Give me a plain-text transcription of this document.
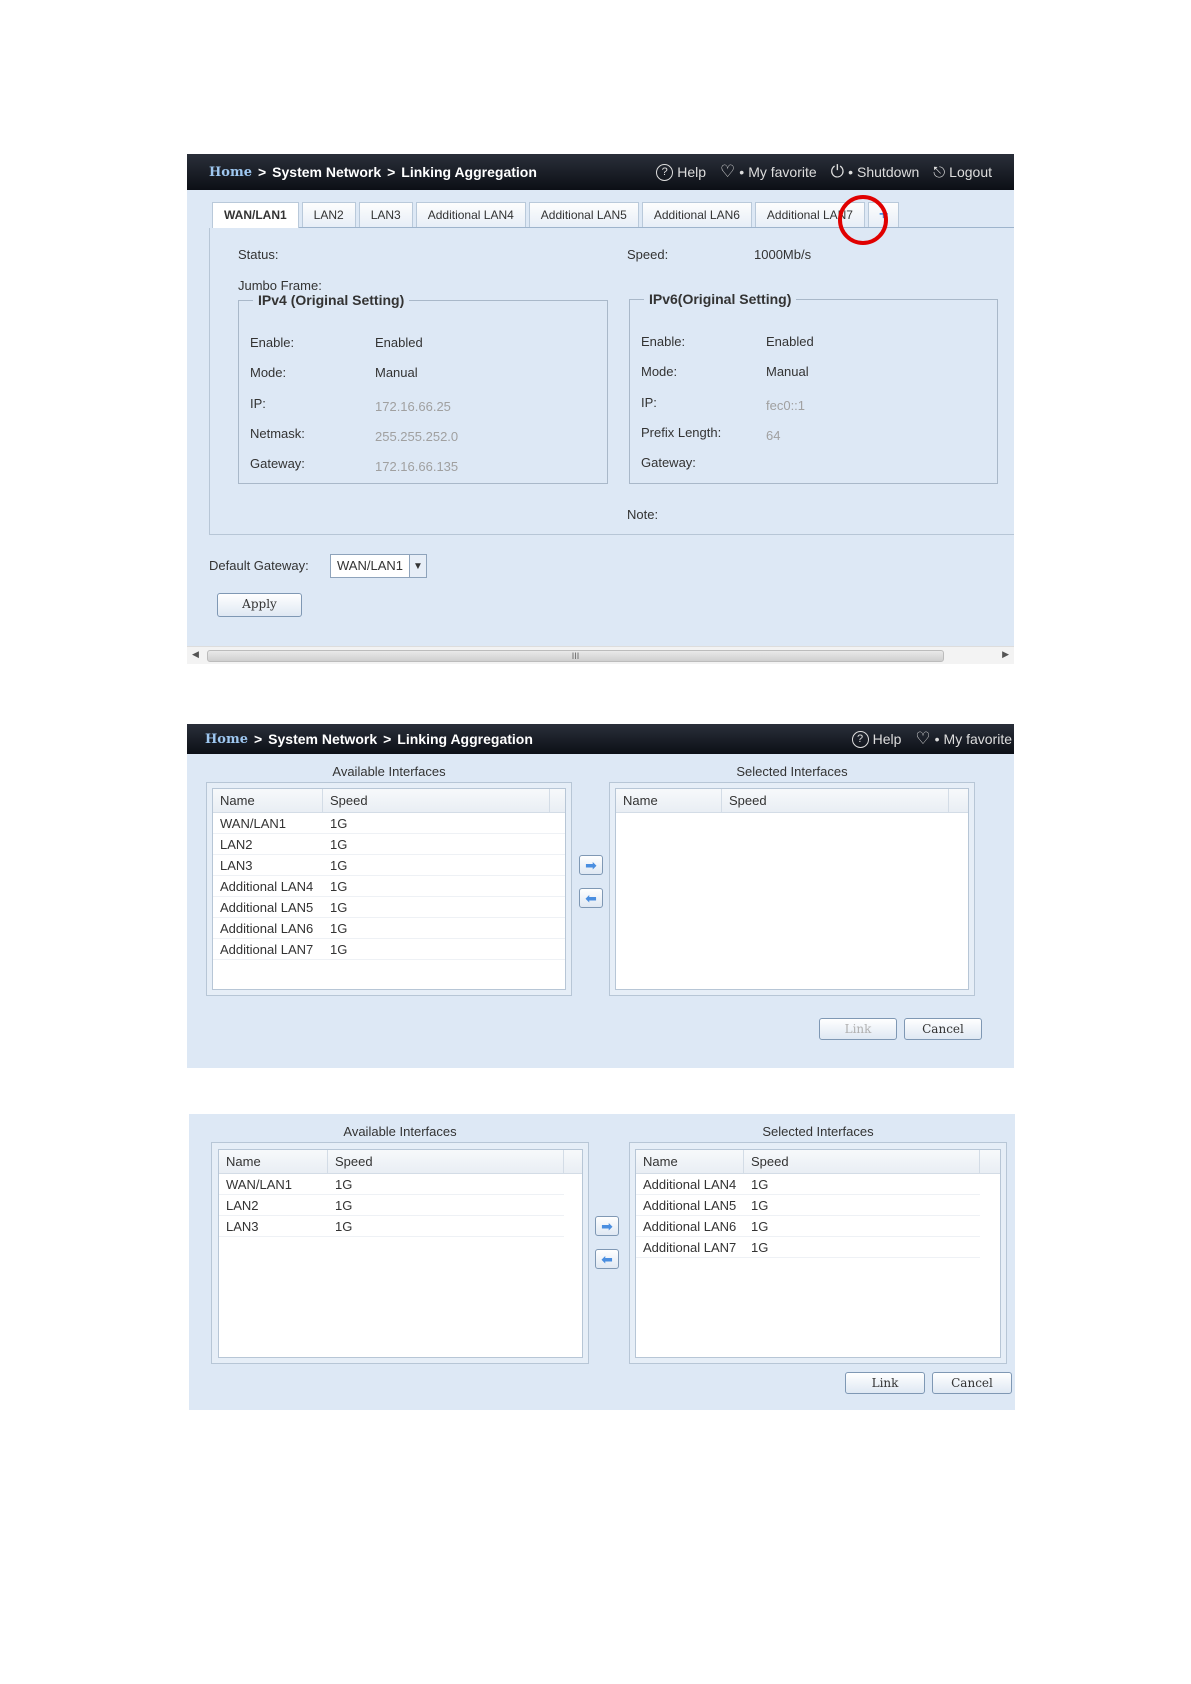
Home > System Network > Linking Aggregation	? Help ♡ • My favorite ⏻ • Shutdown ⎋ Logout
WAN/LAN1	LAN2	LAN3	Additional LAN4	Additional LAN5	Additional LAN6	Additional LAN7	+
Status:	Speed:	1000Mb/s
Jumbo Frame:
IPv4 (Original Setting)
Enable:	Enabled
Mode:	Manual
IP:	172.16.66.25
Netmask:	255.255.252.0
Gateway:	172.16.66.135
IPv6(Original Setting)
Enable:	Enabled
Mode:	Manual
IP:	fec0::1
Prefix Length:	64
Gateway:
Note:
Default Gateway:	WAN/LAN1	▼
Apply
◀	III	▶
Home > System Network > Linking Aggregation	? Help ♡ • My favorite
Available Interfaces	Selected Interfaces
Name	Speed
WAN/LAN1	1G
LAN2	1G
LAN3	1G
Additional LAN4	1G
Additional LAN5	1G
Additional LAN6	1G
Additional LAN7	1G
➡
⬅
Name	Speed
Link	Cancel
Available Interfaces	Selected Interfaces
Name	Speed
WAN/LAN1	1G
LAN2	1G
LAN3	1G	➡
⬅
Name	Speed
Additional LAN4	1G
Additional LAN5	1G
Additional LAN6	1G
Additional LAN7	1G
Link	Cancel
